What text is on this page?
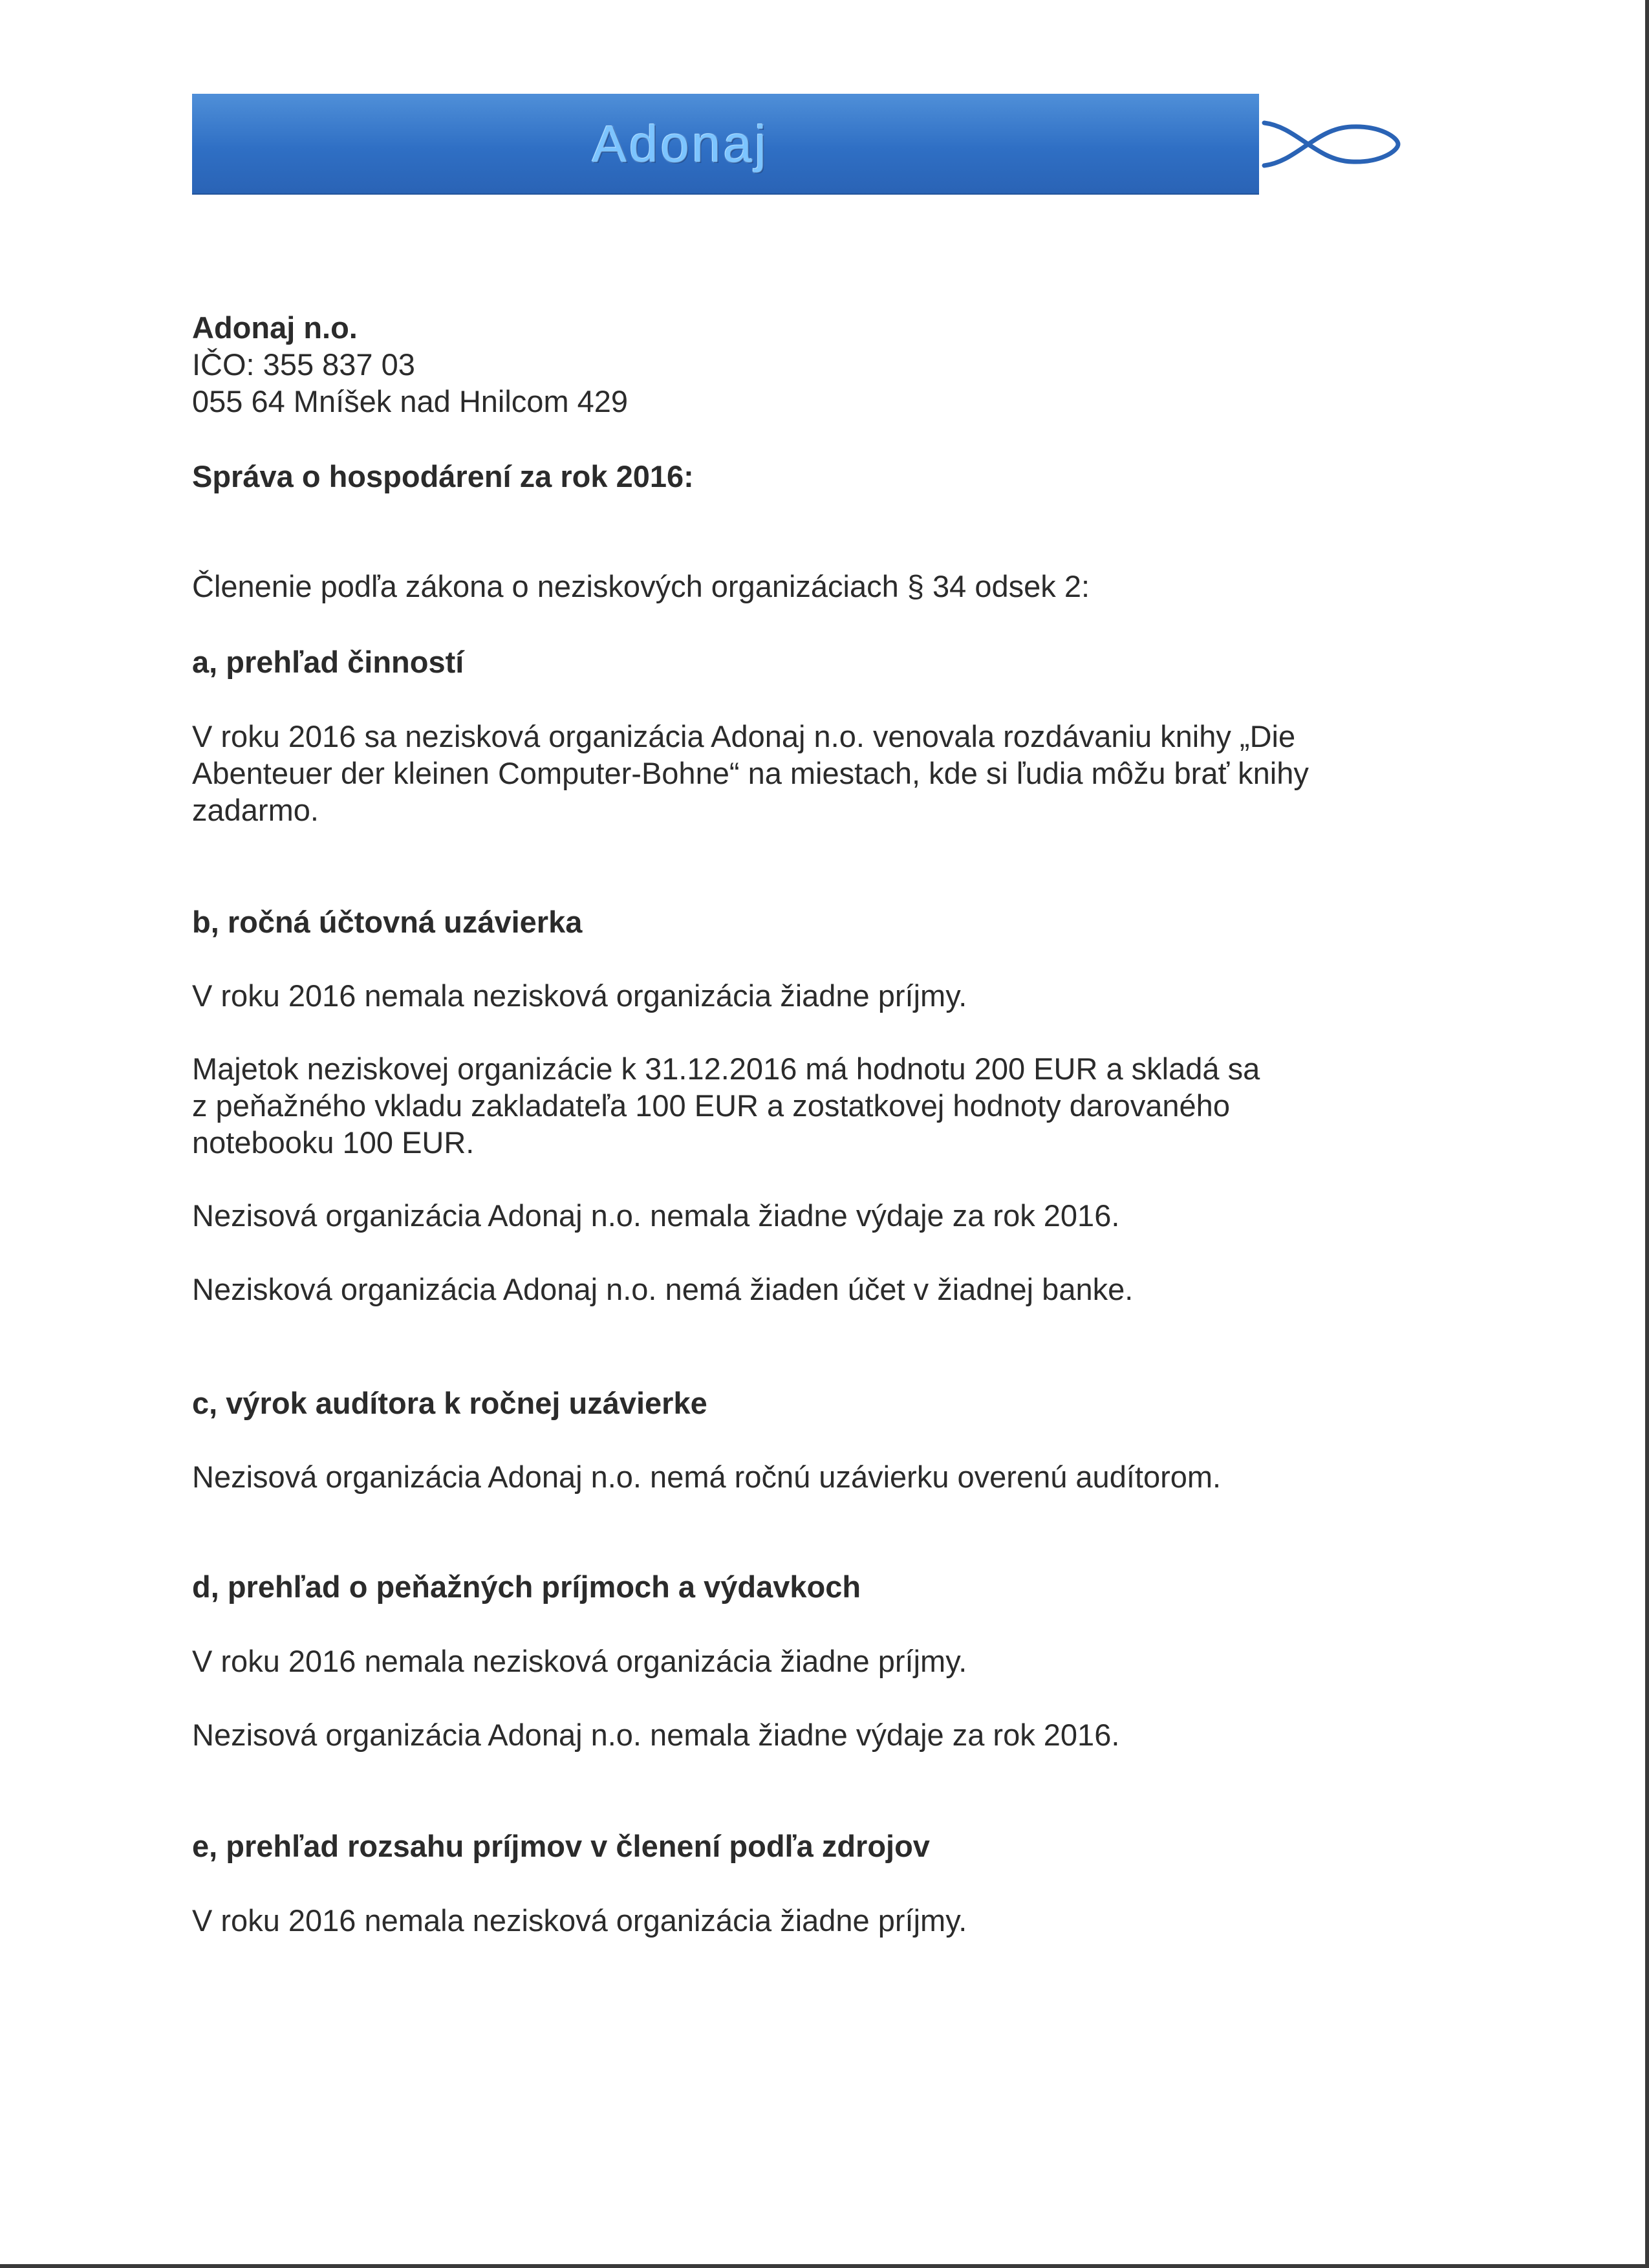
Adonaj

Adonaj n.o.

IČO: 355 837 03

055 64 Mníšek nad Hnilcom 429

Správa o hospodárení za rok 2016:

Členenie podľa zákona o neziskových organizáciach § 34 odsek 2:

a, prehľad činností

V roku 2016 sa nezisková organizácia Adonaj n.o. venovala rozdávaniu knihy „Die

Abenteuer der kleinen Computer-Bohne“ na miestach, kde si ľudia môžu brať knihy

zadarmo.

b, ročná účtovná uzávierka

V roku 2016 nemala nezisková organizácia žiadne príjmy.

Majetok neziskovej organizácie k 31.12.2016 má hodnotu 200 EUR a skladá sa

z peňažného vkladu zakladateľa 100 EUR a zostatkovej hodnoty darovaného

notebooku 100 EUR.

Nezisová organizácia Adonaj n.o. nemala žiadne výdaje za rok 2016.

Nezisková organizácia Adonaj n.o. nemá žiaden účet v žiadnej banke.

c, výrok audítora k ročnej uzávierke

Nezisová organizácia Adonaj n.o. nemá ročnú uzávierku overenú audítorom.

d, prehľad o peňažných príjmoch a výdavkoch

V roku 2016 nemala nezisková organizácia žiadne príjmy.

Nezisová organizácia Adonaj n.o. nemala žiadne výdaje za rok 2016.

e, prehľad rozsahu príjmov v členení podľa zdrojov

V roku 2016 nemala nezisková organizácia žiadne príjmy.
